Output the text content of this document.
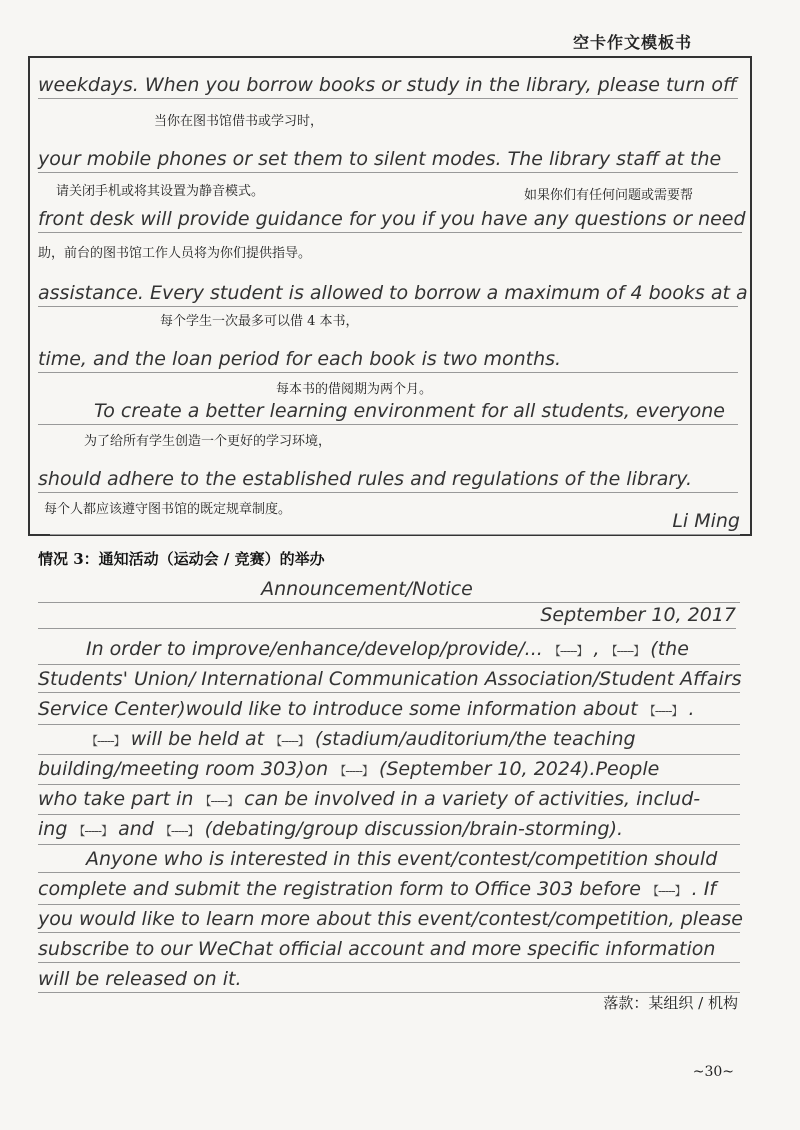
空卡作文模板书
weekdays. When you borrow books or study in the library, please turn off
当你在图书馆借书或学习时，
your mobile phones or set them to silent modes. The library staff at the
请关闭手机或将其设置为静音模式。	如果你们有任何问题或需要帮
front desk will provide guidance for you if you have any questions or need
助，前台的图书馆工作人员将为你们提供指导。
assistance. Every student is allowed to borrow a maximum of 4 books at a
每个学生一次最多可以借 4 本书，
time, and the loan period for each book is two months.
每本书的借阅期为两个月。
To create a better learning environment for all students, everyone
为了给所有学生创造一个更好的学习环境，
should adhere to the established rules and regulations of the library.
每个人都应该遵守图书馆的既定规章制度。
Li Ming
情况 3：通知活动（运动会 / 竞赛）的举办
Announcement/Notice
September 10, 2017
In order to improve/enhance/develop/provide/... 【-----】 , 【-----】 (the
Students' Union/ International Communication Association/Student Affairs
Service Center)would like to introduce some information about 【-----】 .
【-----】 will be held at 【-----】 (stadium/auditorium/the teaching
building/meeting room 303)on 【-----】 (September 10, 2024).People
who take part in 【-----】 can be involved in a variety of activities, includ-
ing 【-----】 and 【-----】 (debating/group discussion/brain-storming).
Anyone who is interested in this event/contest/competition should
complete and submit the registration form to Office 303 before 【-----】 . If
you would like to learn more about this event/contest/competition, please
subscribe to our WeChat official account and more specific information
will be released on it.
落款：某组织 / 机构
~30~
